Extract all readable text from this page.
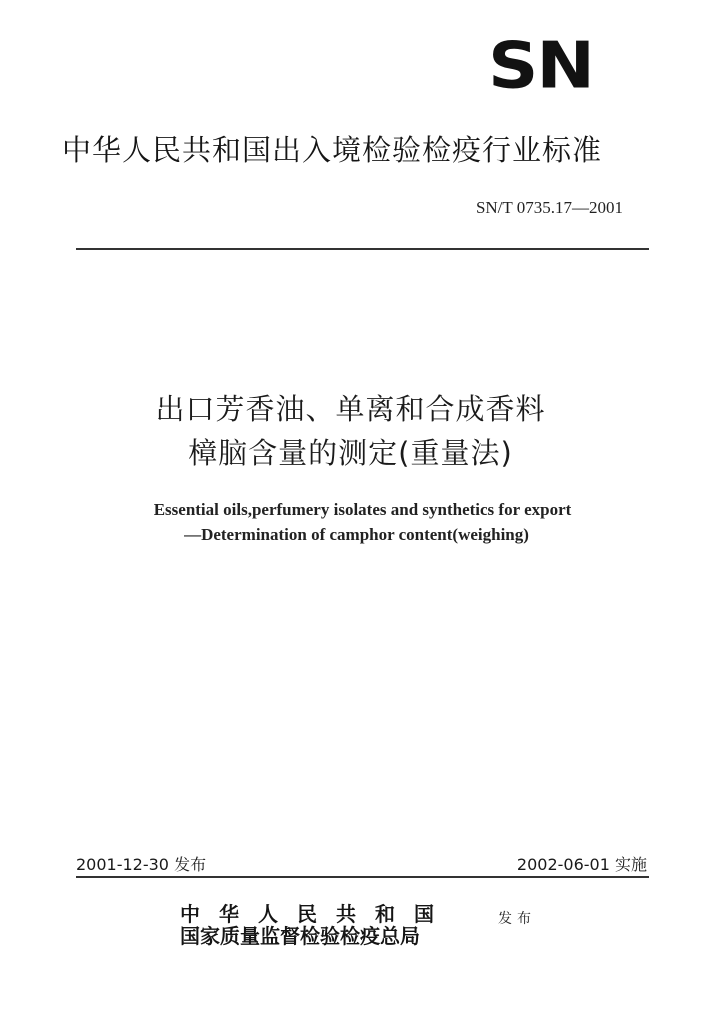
SN
中华人民共和国出入境检验检疫行业标准
SN/T 0735.17—2001
出口芳香油、单离和合成香料
樟脑含量的测定(重量法)
Essential oils,perfumery isolates and synthetics for export
—Determination of camphor content(weighing)
2001-12-30 发布	2002-06-01 实施
中华人民共和国
国家质量监督检验检疫总局
发布
